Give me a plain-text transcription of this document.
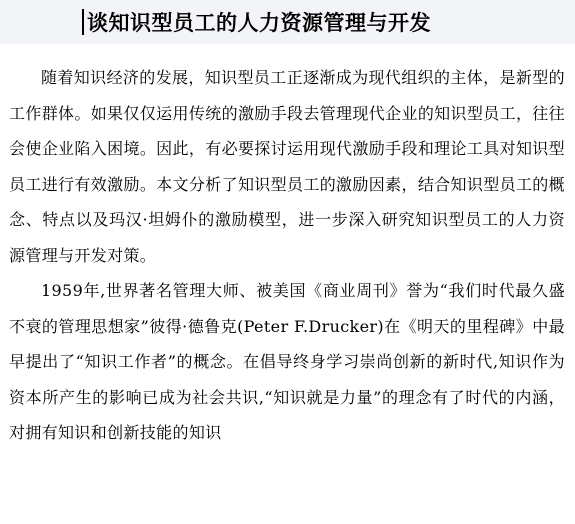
谈知识型员工的人力资源管理与开发

随着知识经济的发展，知识型员工正逐渐成为现代组织的主体，是新型的工作群体。如果仅仅运用传统的激励手段去管理现代企业的知识型员工，往往会使企业陷入困境。因此，有必要探讨运用现代激励手段和理论工具对知识型员工进行有效激励。本文分析了知识型员工的激励因素，结合知识型员工的概念、特点以及玛汉·坦姆仆的激励模型，进一步深入研究知识型员工的人力资源管理与开发对策。

1959年,世界著名管理大师、被美国《商业周刊》誉为“我们时代最久盛不衰的管理思想家”彼得·德鲁克(Peter F.Drucker)在《明天的里程碑》中最早提出了“知识工作者”的概念。在倡导终身学习崇尚创新的新时代,知识作为资本所产生的影响已成为社会共识,“知识就是力量”的理念有了时代的内涵，对拥有知识和创新技能的知识
